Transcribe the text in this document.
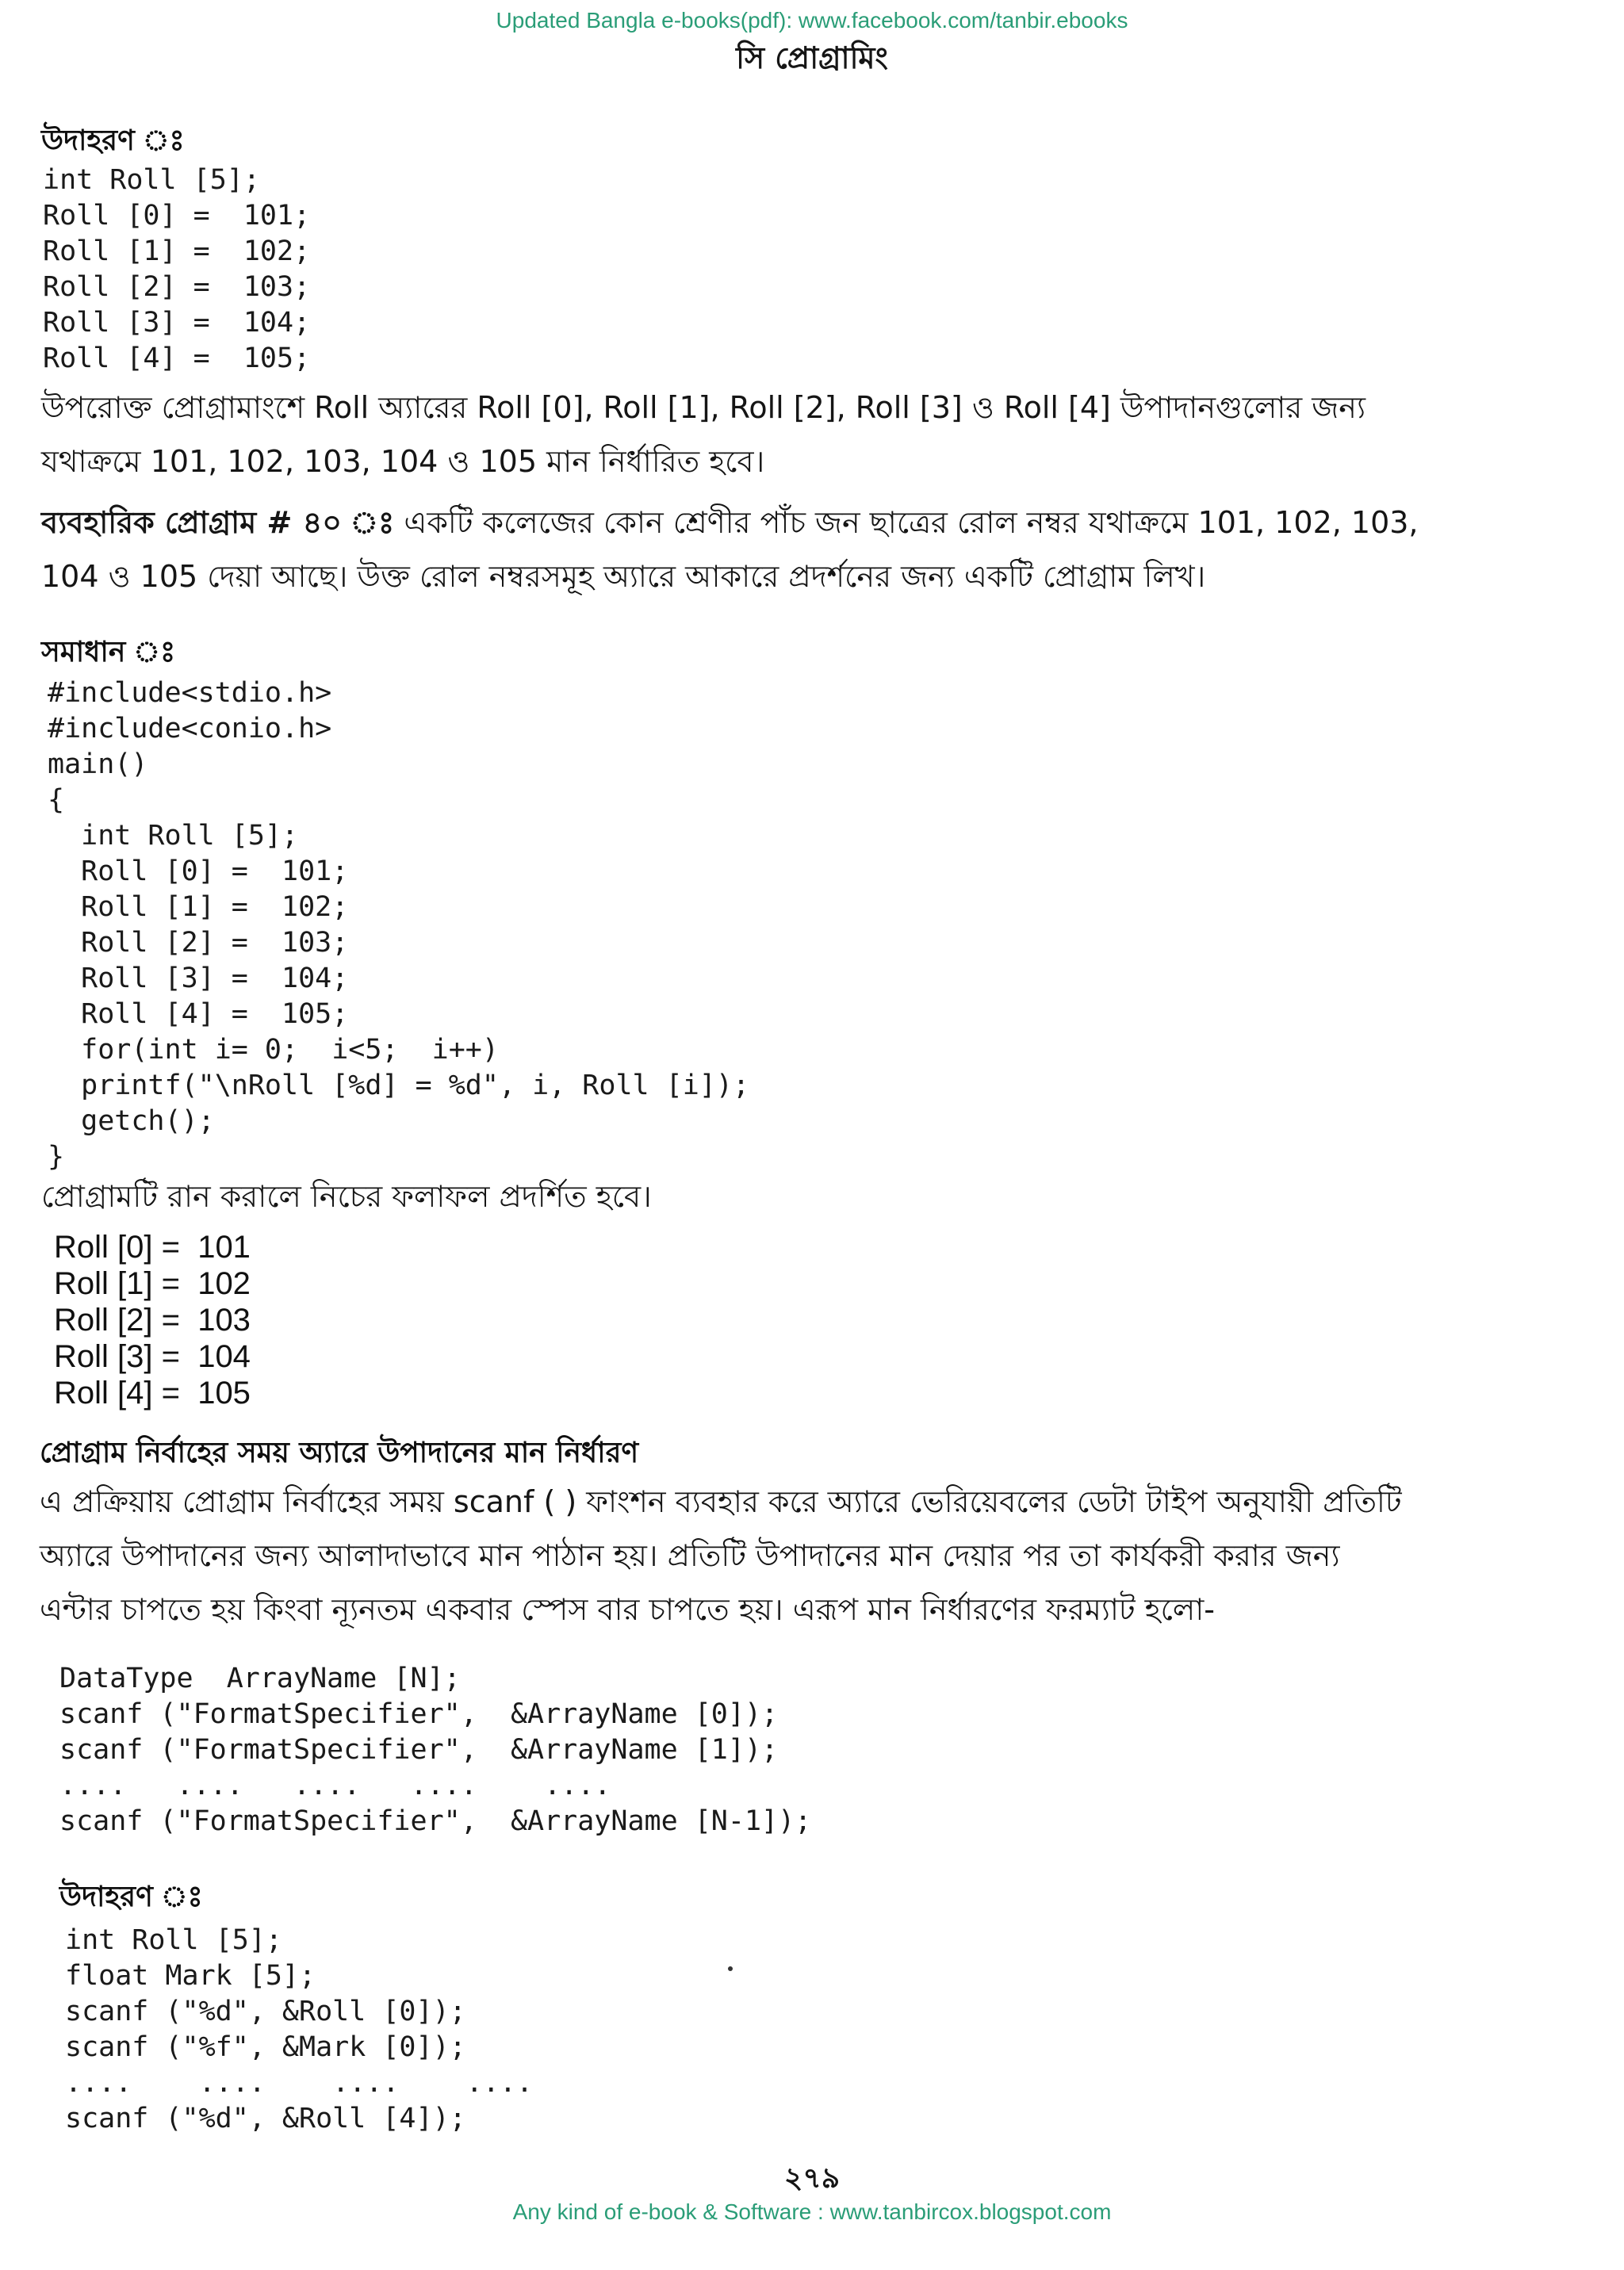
Updated Bangla e-books(pdf): www.facebook.com/tanbir.ebooks
সি প্রোগ্রামিং
উদাহরণ ঃ
int Roll [5];
Roll [0] =  101;
Roll [1] =  102;
Roll [2] =  103;
Roll [3] =  104;
Roll [4] =  105;
উপরোক্ত প্রোগ্রামাংশে Roll অ্যারের Roll [0], Roll [1], Roll [2], Roll [3] ও Roll [4] উপাদানগুলোর জন্য
যথাক্রমে 101, 102, 103, 104 ও 105 মান নির্ধারিত হবে।
ব্যবহারিক প্রোগ্রাম # ৪০ ঃ একটি কলেজের কোন শ্রেণীর পাঁচ জন ছাত্রের রোল নম্বর যথাক্রমে 101, 102, 103,
104 ও 105 দেয়া আছে। উক্ত রোল নম্বরসমূহ অ্যারে আকারে প্রদর্শনের জন্য একটি প্রোগ্রাম লিখ।
সমাধান ঃ
#include<stdio.h>
#include<conio.h>
main()
{
int Roll [5];
Roll [0] =  101;
Roll [1] =  102;
Roll [2] =  103;
Roll [3] =  104;
Roll [4] =  105;
for(int i= 0;  i<5;  i++)
printf("\nRoll [%d] = %d", i, Roll [i]);
getch();
}
প্রোগ্রামটি রান করালে নিচের ফলাফল প্রদর্শিত হবে।
Roll [0] =  101
Roll [1] =  102
Roll [2] =  103
Roll [3] =  104
Roll [4] =  105
প্রোগ্রাম নির্বাহের সময় অ্যারে উপাদানের মান নির্ধারণ
এ প্রক্রিয়ায় প্রোগ্রাম নির্বাহের সময় scanf ( ) ফাংশন ব্যবহার করে অ্যারে ভেরিয়েবলের ডেটা টাইপ অনুযায়ী প্রতিটি
অ্যারে উপাদানের জন্য আলাদাভাবে মান পাঠান হয়। প্রতিটি উপাদানের মান দেয়ার পর তা কার্যকরী করার জন্য
এন্টার চাপতে হয় কিংবা ন্যূনতম একবার স্পেস বার চাপতে হয়। এরূপ মান নির্ধারণের ফরম্যাট হলো-
DataType  ArrayName [N];
scanf ("FormatSpecifier",  &ArrayName [0]);
scanf ("FormatSpecifier",  &ArrayName [1]);
....   ....   ....   ....    ....
scanf ("FormatSpecifier",  &ArrayName [N-1]);
উদাহরণ ঃ
int Roll [5];
float Mark [5];
scanf ("%d", &Roll [0]);
scanf ("%f", &Mark [0]);
....    ....    ....    ....
scanf ("%d", &Roll [4]);
২৭৯
Any kind of e-book & Software : www.tanbircox.blogspot.com
